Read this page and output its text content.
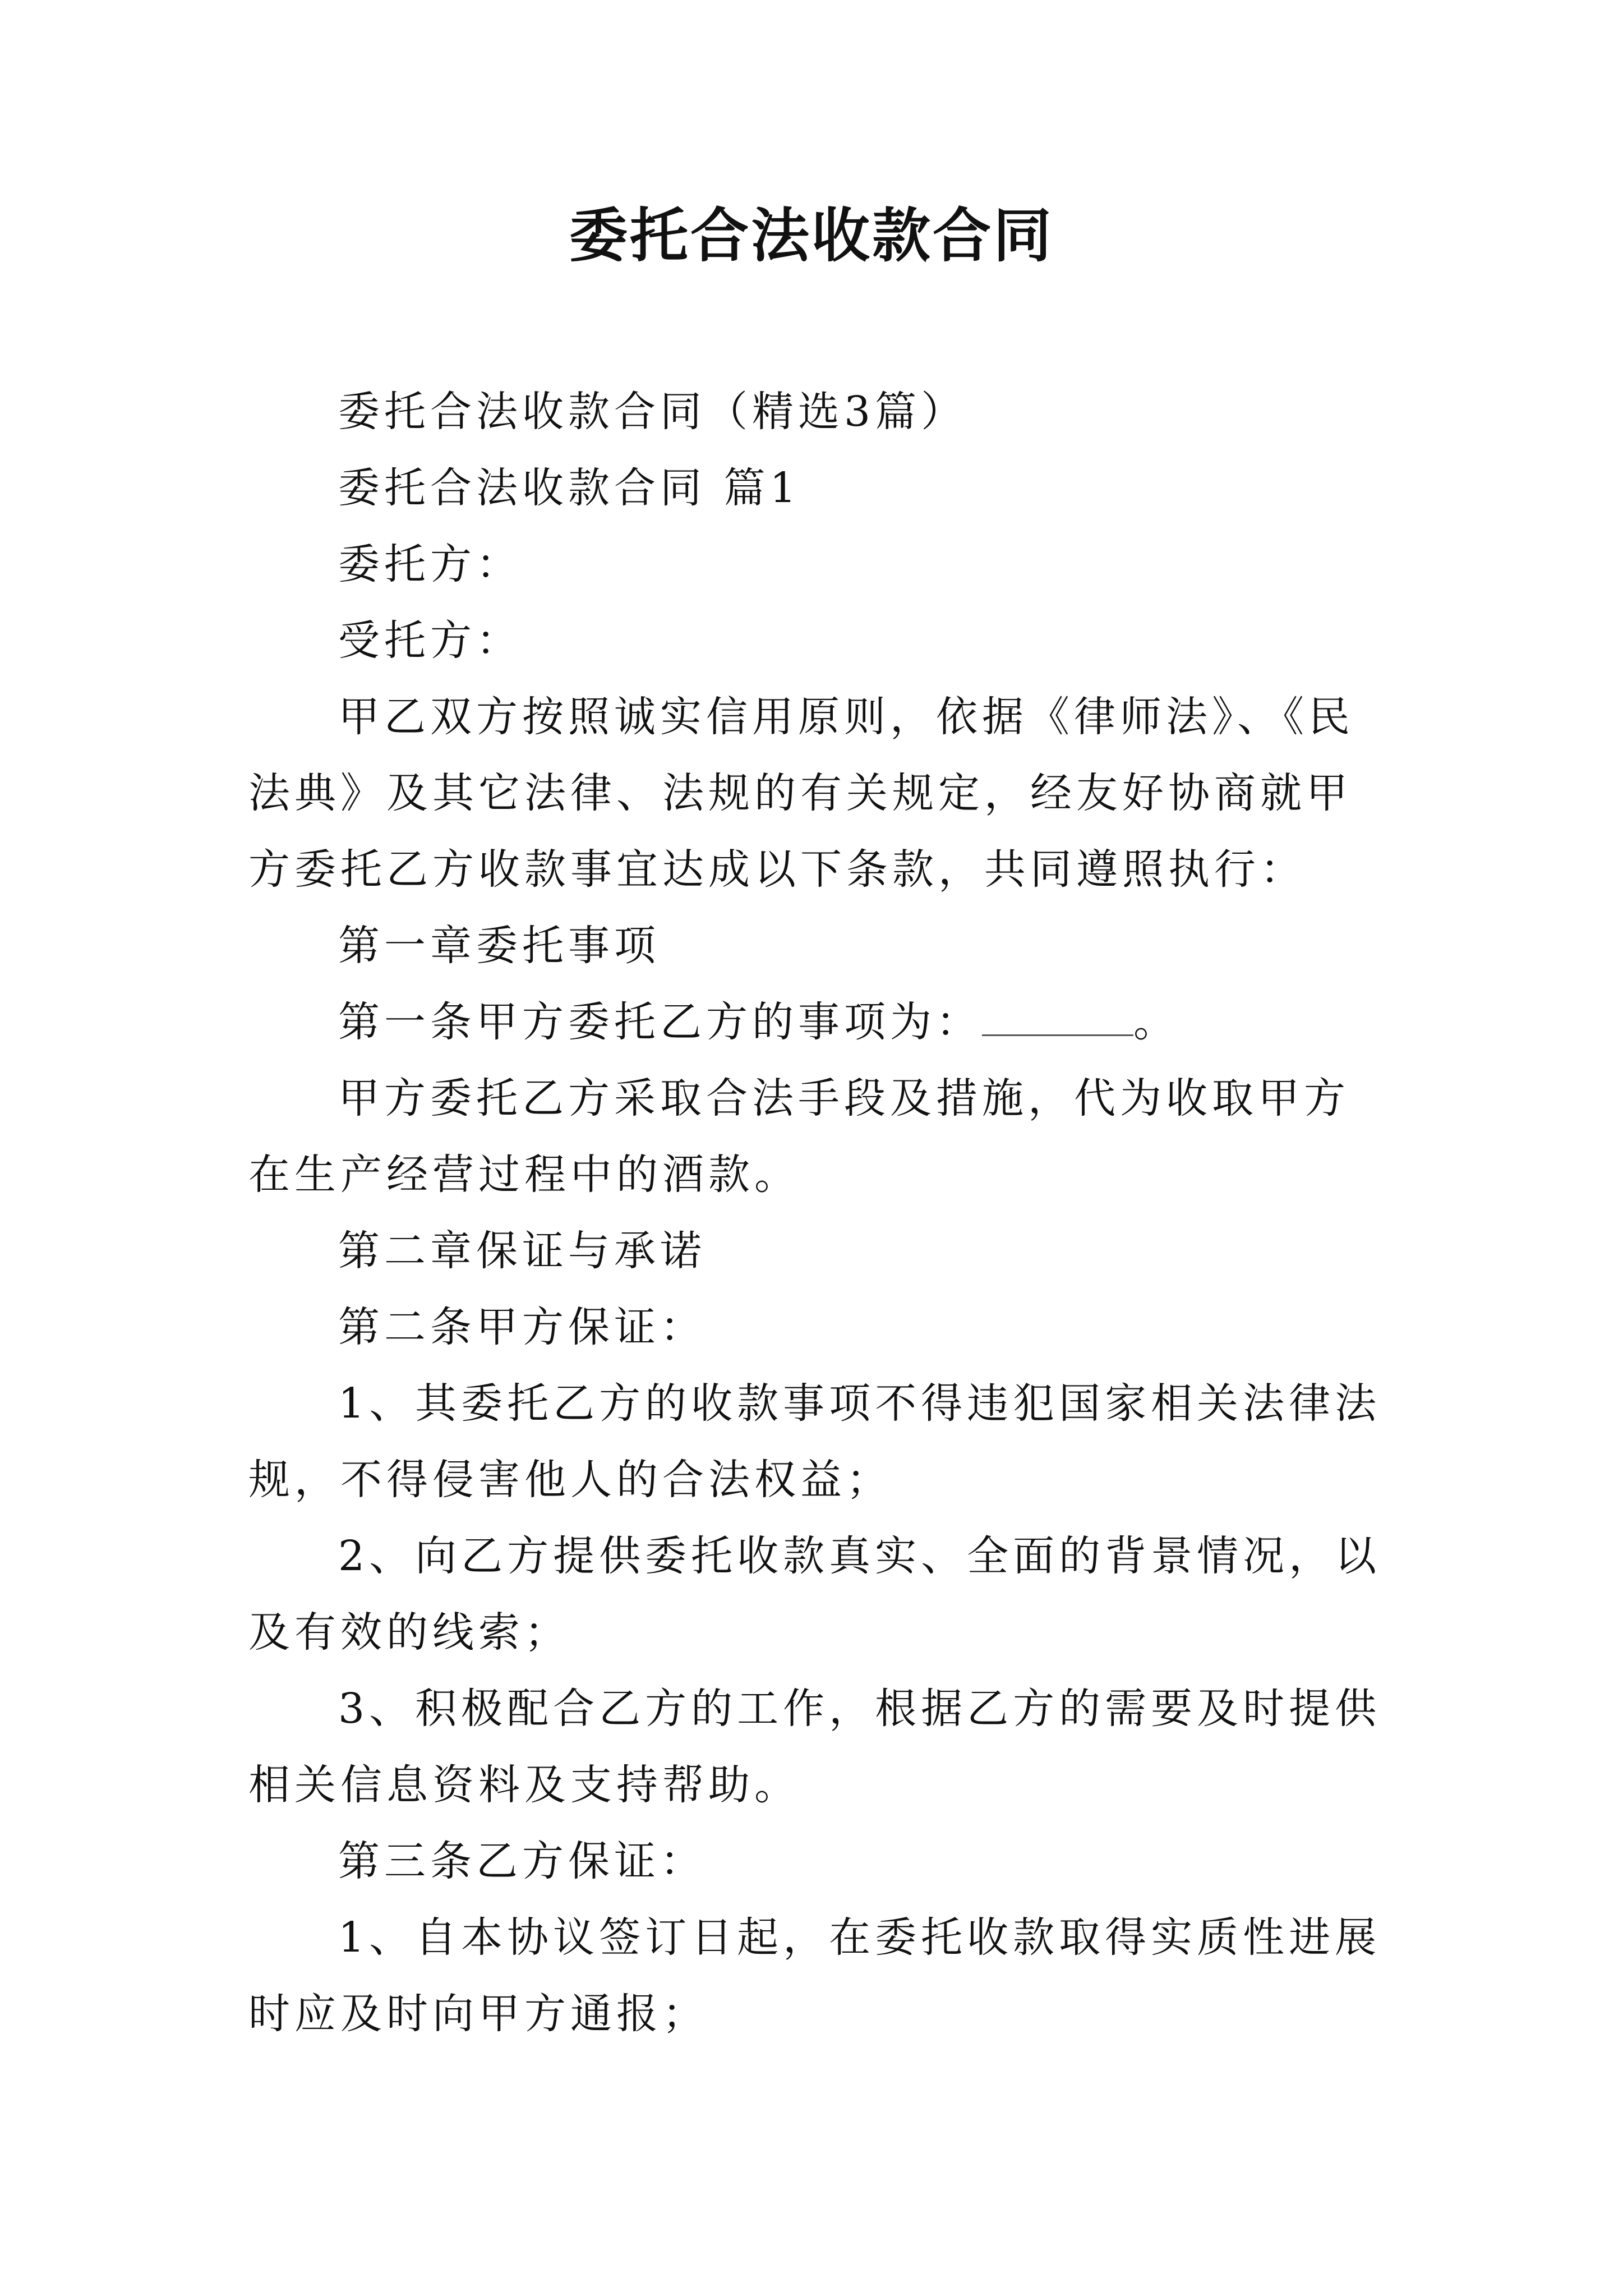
委托合法收款合同

委托合法收款合同（精选3篇）

委托合法收款合同 篇1

委托方：

受托方：

甲乙双方按照诚实信用原则，依据《律师法》、《民法典》及其它法律、法规的有关规定，经友好协商就甲方委托乙方收款事宜达成以下条款，共同遵照执行：

第一章委托事项

第一条甲方委托乙方的事项为：	。

甲方委托乙方采取合法手段及措施，代为收取甲方在生产经营过程中的酒款。

第二章保证与承诺

第二条甲方保证：

1、其委托乙方的收款事项不得违犯国家相关法律法规，不得侵害他人的合法权益；

2、向乙方提供委托收款真实、全面的背景情况，以及有效的线索；

3、积极配合乙方的工作，根据乙方的需要及时提供相关信息资料及支持帮助。

第三条乙方保证：

1、自本协议签订日起，在委托收款取得实质性进展时应及时向甲方通报；
